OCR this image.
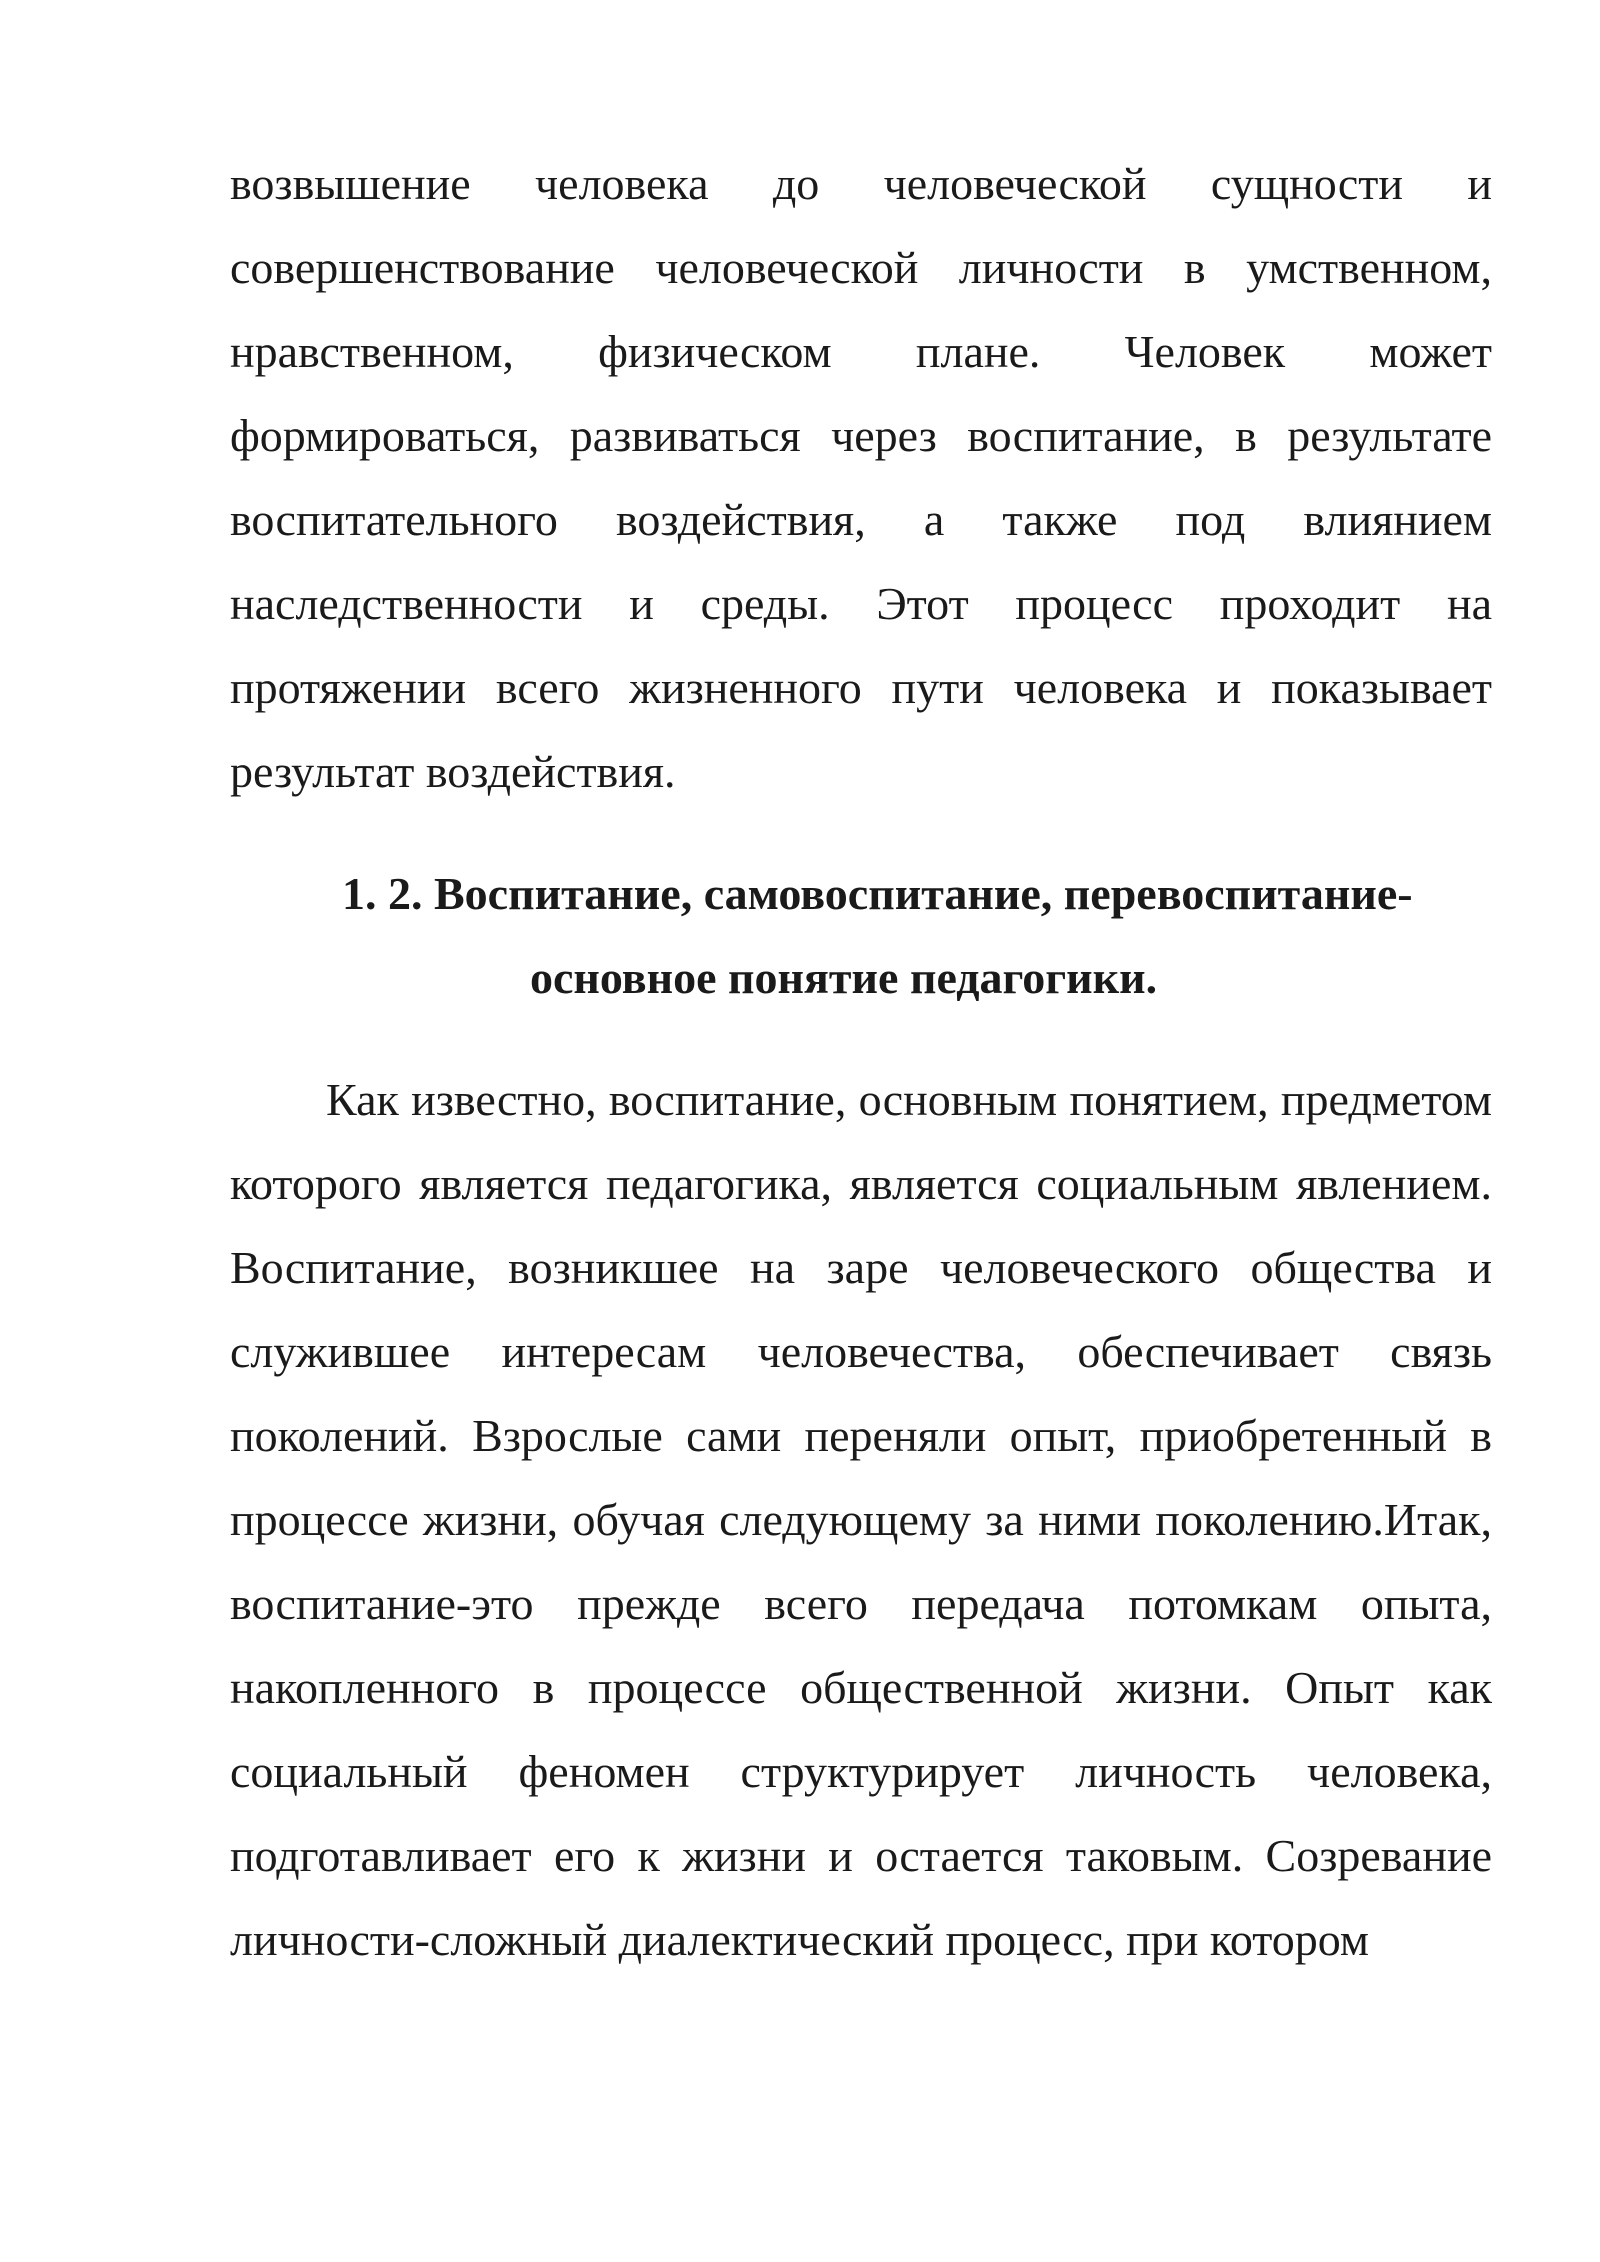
возвышение человека до человеческой сущности и совершенствование человеческой личности в умственном, нравственном, физическом плане. Человек может формироваться, развиваться через воспитание, в результате воспитательного воздействия, а также под влиянием наследственности и среды. Этот процесс проходит на протяжении всего жизненного пути человека и показывает результат воздействия.

1. 2. Воспитание, самовоспитание, перевоспитание-
основное понятие педагогики.

Как известно, воспитание, основным понятием, предметом которого является педагогика, является социальным явлением. Воспитание, возникшее на заре человеческого общества и служившее интересам человечества, обеспечивает связь поколений. Взрослые сами переняли опыт, приобретенный в процессе жизни, обучая следующему за ними поколению.Итак, воспитание-это прежде всего передача потомкам опыта, накопленного в процессе общественной жизни. Опыт как социальный феномен структурирует личность человека, подготавливает его к жизни и остается таковым. Созревание личности-сложный диалектический процесс, при котором
